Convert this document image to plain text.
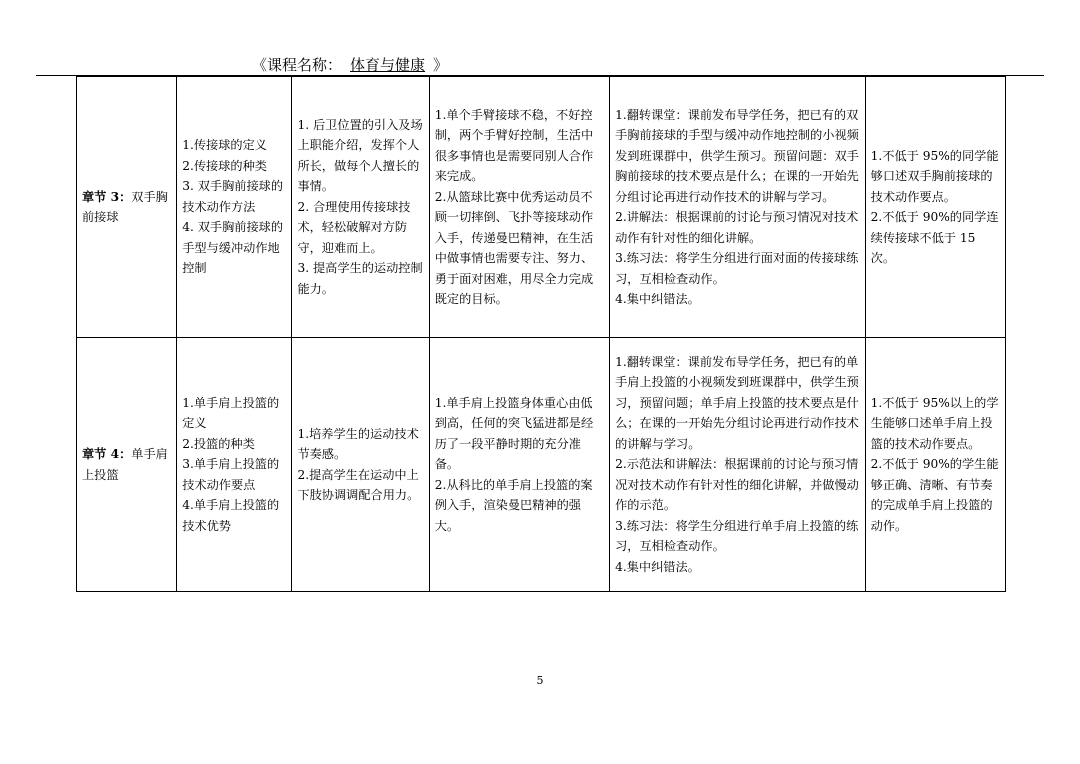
《课程名称： 体育与健康 》
章节 3：双手胸前接球	1.传接球的定义
2.传接球的种类
3. 双手胸前接球的技术动作方法
4. 双手胸前接球的手型与缓冲动作地控制	1. 后卫位置的引入及场上职能介绍，发挥个人所长，做每个人擅长的事情。
2. 合理使用传接球技术，轻松破解对方防守，迎难而上。
3. 提高学生的运动控制能力。	1.单个手臂接球不稳，不好控制，两个手臂好控制，生活中很多事情也是需要同别人合作来完成。
2.从篮球比赛中优秀运动员不顾一切摔倒、飞扑等接球动作入手，传递曼巴精神，在生活中做事情也需要专注、努力、勇于面对困难，用尽全力完成既定的目标。	1.翻转课堂：课前发布导学任务，把已有的双手胸前接球的手型与缓冲动作地控制的小视频发到班课群中，供学生预习。预留问题：双手胸前接球的技术要点是什么；在课的一开始先分组讨论再进行动作技术的讲解与学习。
2.讲解法：根据课前的讨论与预习情况对技术动作有针对性的细化讲解。
3.练习法：将学生分组进行面对面的传接球练习，互相检查动作。
4.集中纠错法。	1.不低于 95%的同学能够口述双手胸前接球的技术动作要点。
2.不低于 90%的同学连续传接球不低于 15 次。

章节 4：单手肩上投篮	1.单手肩上投篮的定义
2.投篮的种类
3.单手肩上投篮的技术动作要点
4.单手肩上投篮的技术优势	1.培养学生的运动技术节奏感。
2.提高学生在运动中上下肢协调调配合用力。	1.单手肩上投篮身体重心由低到高，任何的突飞猛进都是经历了一段平静时期的充分准备。
2.从科比的单手肩上投篮的案例入手，渲染曼巴精神的强大。	1.翻转课堂：课前发布导学任务，把已有的单手肩上投篮的小视频发到班课群中，供学生预习，预留问题；单手肩上投篮的技术要点是什么；在课的一开始先分组讨论再进行动作技术的讲解与学习。
2.示范法和讲解法：根据课前的讨论与预习情况对技术动作有针对性的细化讲解，并做慢动作的示范。
3.练习法：将学生分组进行单手肩上投篮的练习，互相检查动作。
4.集中纠错法。	1.不低于 95%以上的学生能够口述单手肩上投篮的技术动作要点。
2.不低于 90%的学生能够正确、清晰、有节奏的完成单手肩上投篮的动作。
5
